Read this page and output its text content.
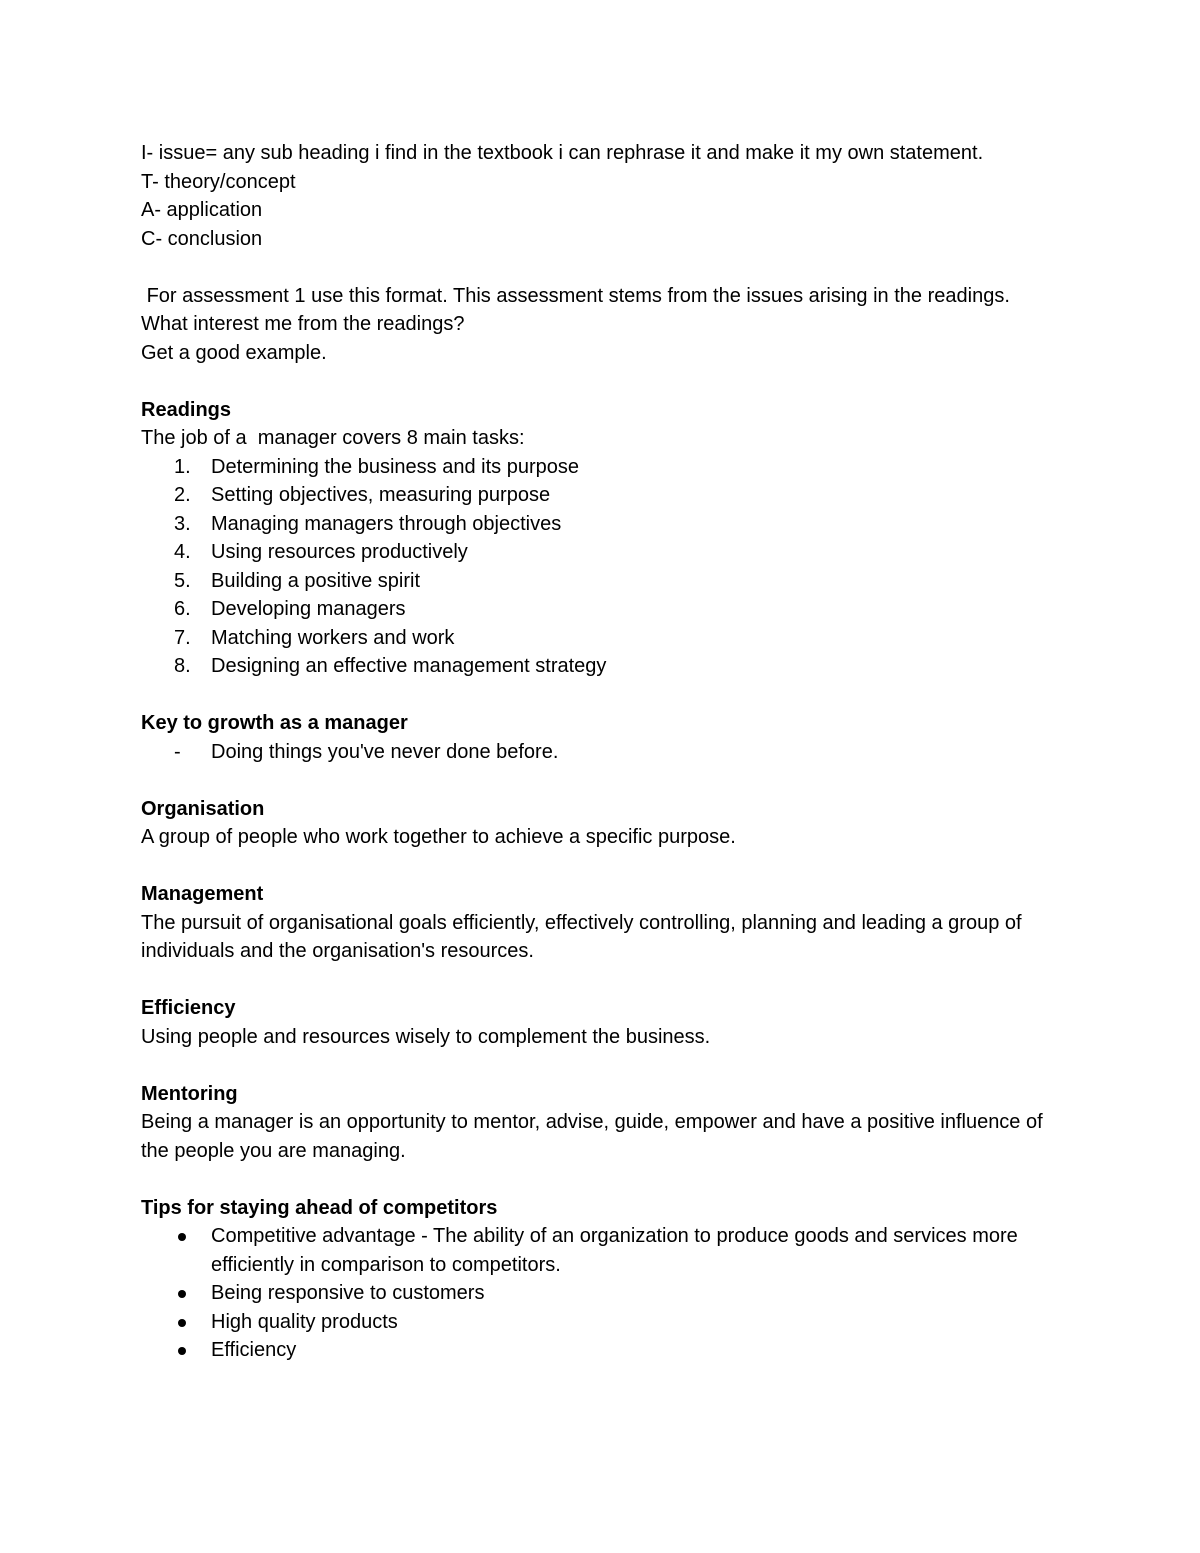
I- issue= any sub heading i find in the textbook i can rephrase it and make it my own statement.

T- theory/concept

A- application

C- conclusion

For assessment 1 use this format. This assessment stems from the issues arising in the readings.

What interest me from the readings?

Get a good example.

Readings

The job of a  manager covers 8 main tasks:

1.	Determining the business and its purpose
2.	Setting objectives, measuring purpose
3.	Managing managers through objectives
4.	Using resources productively
5.	Building a positive spirit
6.	Developing managers
7.	Matching workers and work
8.	Designing an effective management strategy

Key to growth as a manager

-	Doing things you've never done before.

Organisation

A group of people who work together to achieve a specific purpose.

Management

The pursuit of organisational goals efficiently, effectively controlling, planning and leading a group of individuals and the organisation's resources.

Efficiency

Using people and resources wisely to complement the business.

Mentoring

Being a manager is an opportunity to mentor, advise, guide, empower and have a positive influence of the people you are managing.

Tips for staying ahead of competitors

Competitive advantage - The ability of an organization to produce goods and services more efficiently in comparison to competitors.
Being responsive to customers
High quality products
Efficiency
